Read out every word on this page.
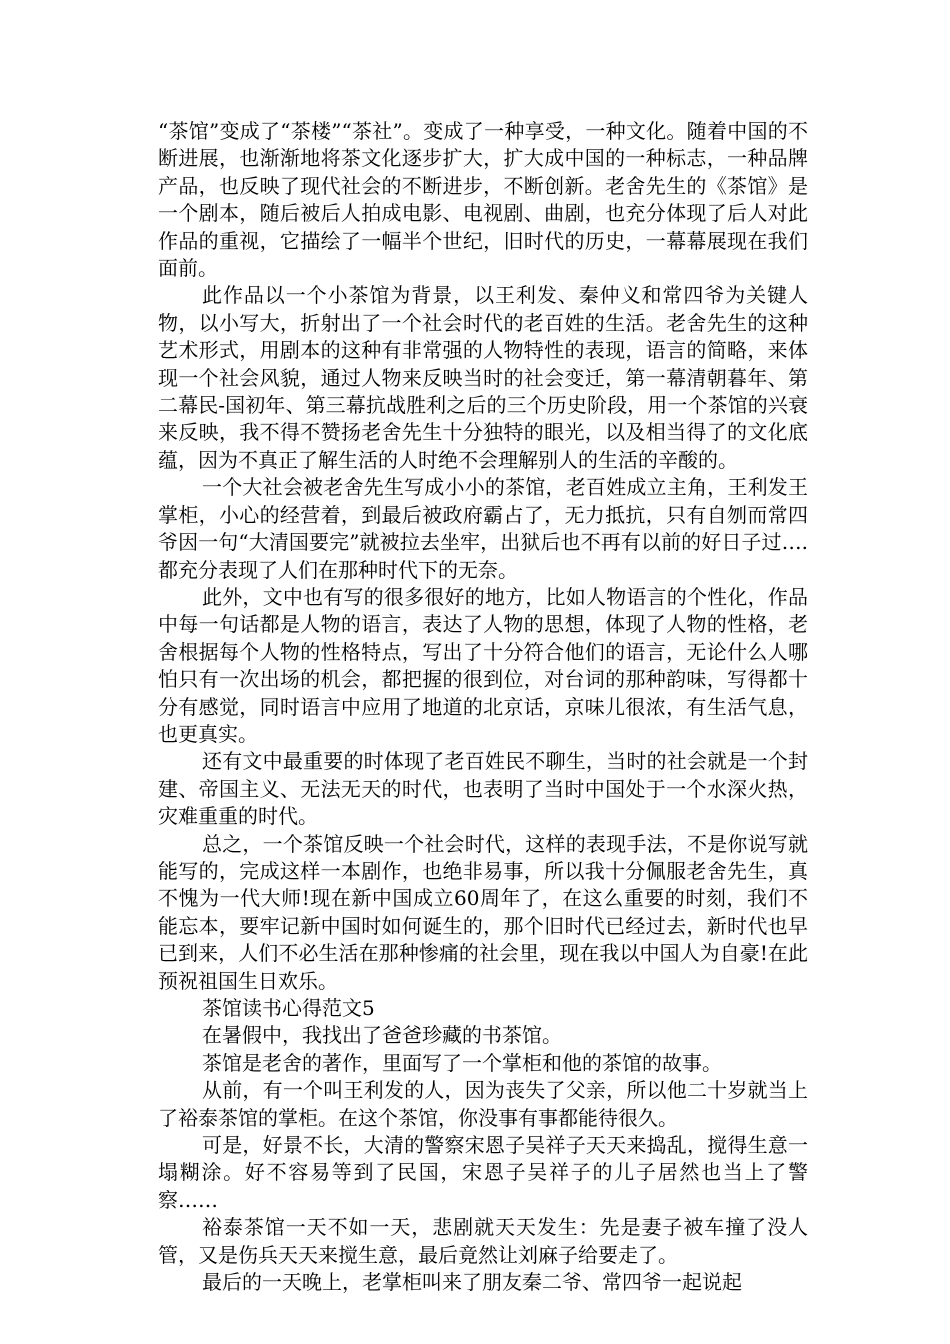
“茶馆”变成了“茶楼”“茶社”。变成了一种享受，一种文化。随着中国的不断进展，也渐渐地将茶文化逐步扩大，扩大成中国的一种标志，一种品牌产品，也反映了现代社会的不断进步，不断创新。老舍先生的《茶馆》是一个剧本，随后被后人拍成电影、电视剧、曲剧，也充分体现了后人对此作品的重视，它描绘了一幅半个世纪，旧时代的历史，一幕幕展现在我们面前。

此作品以一个小茶馆为背景，以王利发、秦仲义和常四爷为关键人物，以小写大，折射出了一个社会时代的老百姓的生活。老舍先生的这种艺术形式，用剧本的这种有非常强的人物特性的表现，语言的简略，来体现一个社会风貌，通过人物来反映当时的社会变迁，第一幕清朝暮年、第二幕民-国初年、第三幕抗战胜利之后的三个历史阶段，用一个茶馆的兴衰来反映，我不得不赞扬老舍先生十分独特的眼光，以及相当得了的文化底蕴，因为不真正了解生活的人时绝不会理解别人的生活的辛酸的。

一个大社会被老舍先生写成小小的茶馆，老百姓成立主角，王利发王掌柜，小心的经营着，到最后被政府霸占了，无力抵抗，只有自刎而常四爷因一句“大清国要完”就被拉去坐牢，出狱后也不再有以前的好日子过….都充分表现了人们在那种时代下的无奈。

此外，文中也有写的很多很好的地方，比如人物语言的个性化，作品中每一句话都是人物的语言，表达了人物的思想，体现了人物的性格，老舍根据每个人物的性格特点，写出了十分符合他们的语言，无论什么人哪怕只有一次出场的机会，都把握的很到位，对台词的那种韵味，写得都十分有感觉，同时语言中应用了地道的北京话，京味儿很浓，有生活气息，也更真实。

还有文中最重要的时体现了老百姓民不聊生，当时的社会就是一个封建、帝国主义、无法无天的时代，也表明了当时中国处于一个水深火热，灾难重重的时代。

总之，一个茶馆反映一个社会时代，这样的表现手法，不是你说写就能写的，完成这样一本剧作，也绝非易事，所以我十分佩服老舍先生，真不愧为一代大师!现在新中国成立60周年了，在这么重要的时刻，我们不能忘本，要牢记新中国时如何诞生的，那个旧时代已经过去，新时代也早已到来，人们不必生活在那种惨痛的社会里，现在我以中国人为自豪!在此预祝祖国生日欢乐。

茶馆读书心得范文5

在暑假中，我找出了爸爸珍藏的书茶馆。

茶馆是老舍的著作，里面写了一个掌柜和他的茶馆的故事。

从前，有一个叫王利发的人，因为丧失了父亲，所以他二十岁就当上了裕泰茶馆的掌柜。在这个茶馆，你没事有事都能待很久。

可是，好景不长，大清的警察宋恩子吴祥子天天来捣乱，搅得生意一塌糊涂。好不容易等到了民国，宋恩子吴祥子的儿子居然也当上了警察……

裕泰茶馆一天不如一天，悲剧就天天发生：先是妻子被车撞了没人管，又是伤兵天天来搅生意，最后竟然让刘麻子给要走了。

最后的一天晚上，老掌柜叫来了朋友秦二爷、常四爷一起说起
